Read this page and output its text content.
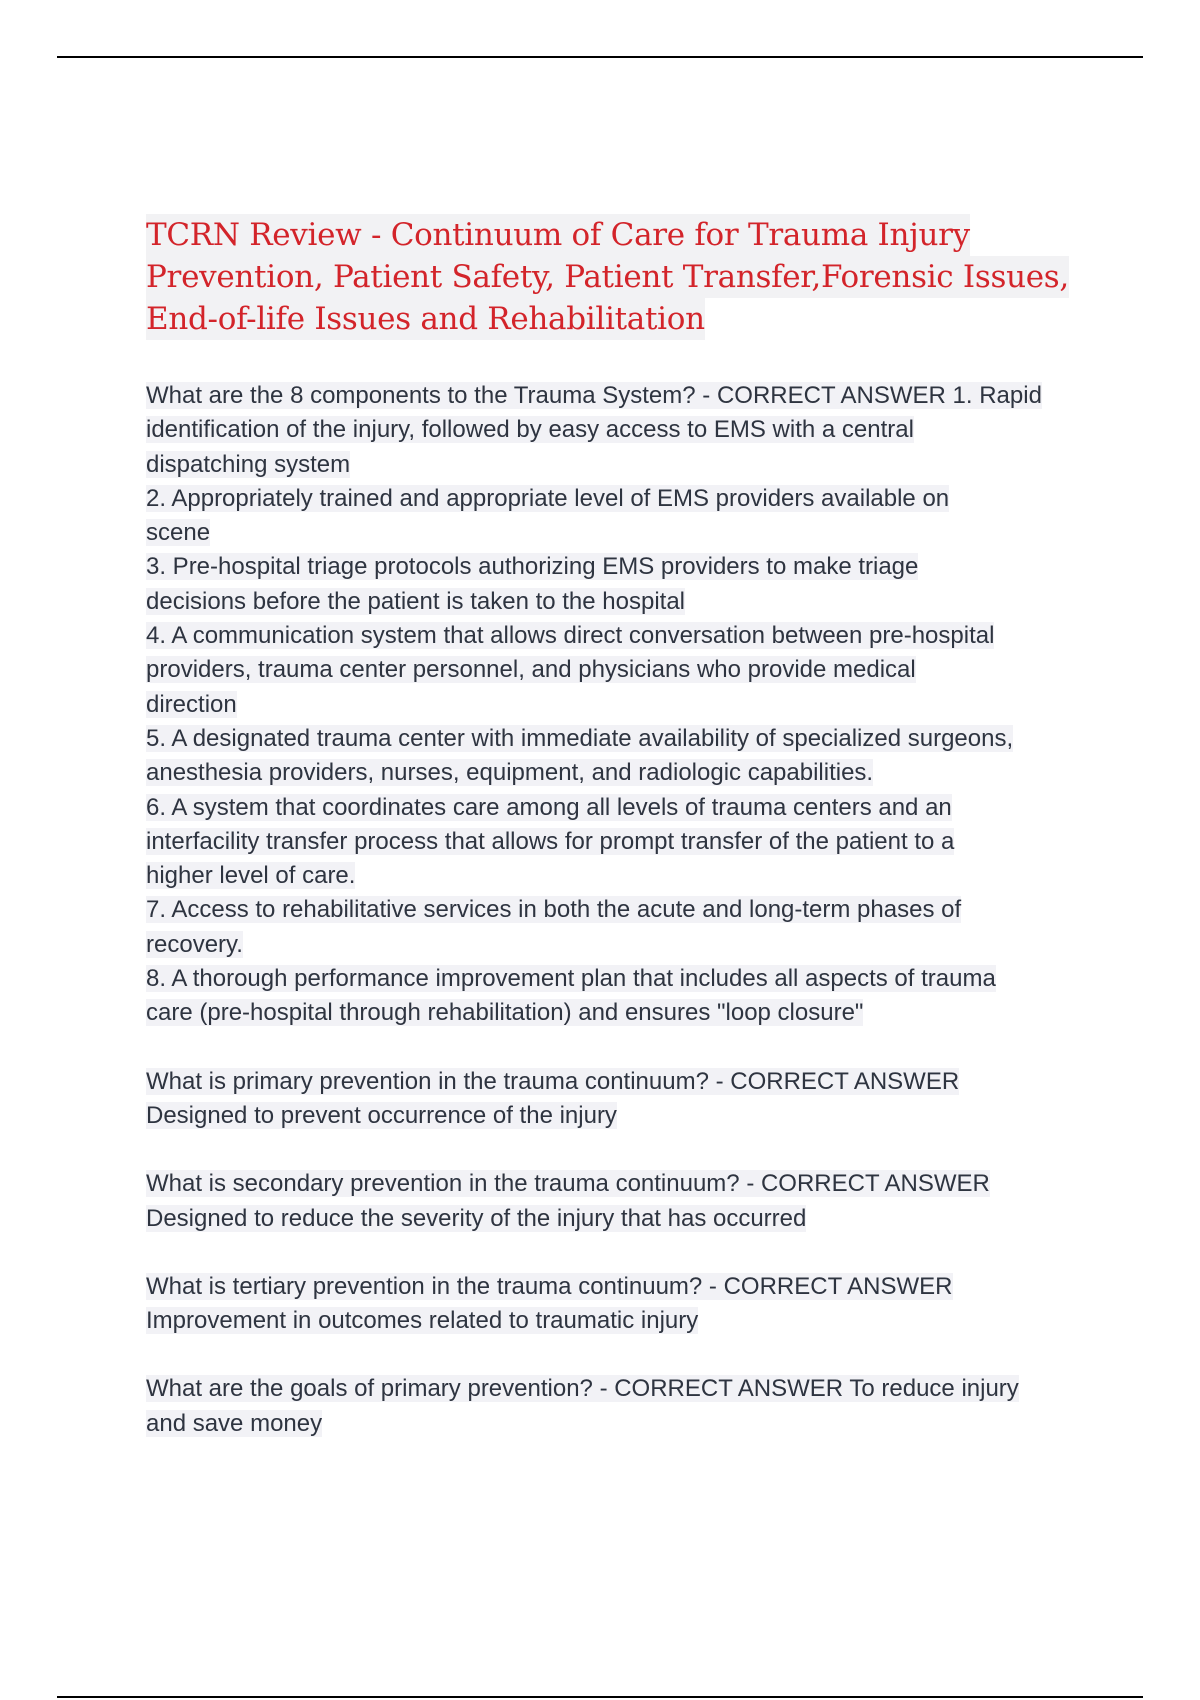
TCRN Review - Continuum of Care for Trauma Injury
Prevention, Patient Safety, Patient Transfer,Forensic Issues,
End-of-life Issues and Rehabilitation

What are the 8 components to the Trauma System? - CORRECT ANSWER 1. Rapid
identification of the injury, followed by easy access to EMS with a central
dispatching system
2. Appropriately trained and appropriate level of EMS providers available on
scene
3. Pre-hospital triage protocols authorizing EMS providers to make triage
decisions before the patient is taken to the hospital
4. A communication system that allows direct conversation between pre-hospital
providers, trauma center personnel, and physicians who provide medical
direction
5. A designated trauma center with immediate availability of specialized surgeons,
anesthesia providers, nurses, equipment, and radiologic capabilities.
6. A system that coordinates care among all levels of trauma centers and an
interfacility transfer process that allows for prompt transfer of the patient to a
higher level of care.
7. Access to rehabilitative services in both the acute and long-term phases of
recovery.
8. A thorough performance improvement plan that includes all aspects of trauma
care (pre-hospital through rehabilitation) and ensures "loop closure"

What is primary prevention in the trauma continuum? - CORRECT ANSWER
Designed to prevent occurrence of the injury

What is secondary prevention in the trauma continuum? - CORRECT ANSWER
Designed to reduce the severity of the injury that has occurred

What is tertiary prevention in the trauma continuum? - CORRECT ANSWER
Improvement in outcomes related to traumatic injury

What are the goals of primary prevention? - CORRECT ANSWER To reduce injury
and save money
